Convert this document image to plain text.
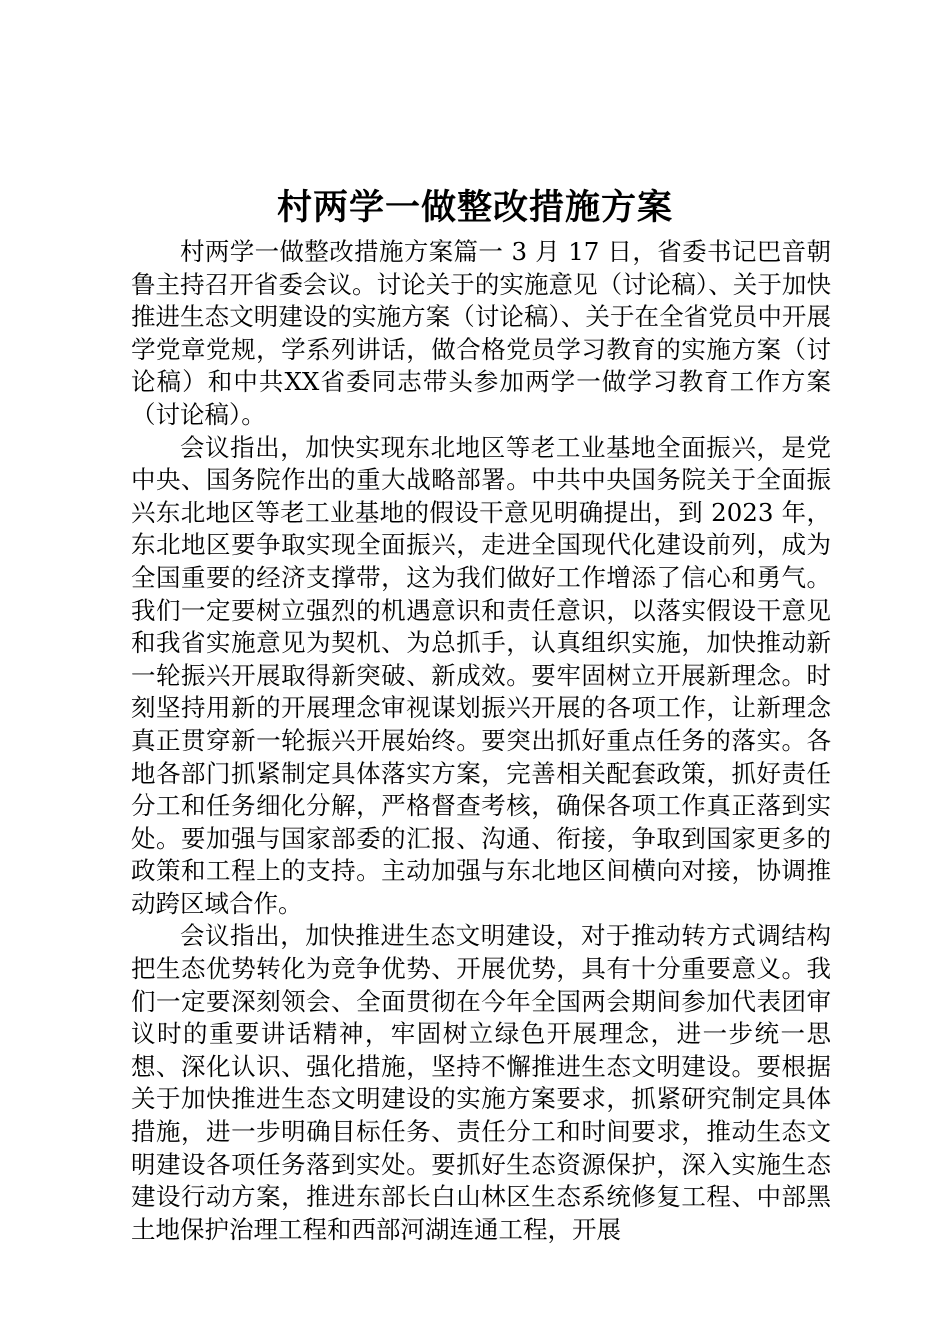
村两学一做整改措施方案

村两学一做整改措施方案篇一 3 月 17 日，省委书记巴音朝鲁主持召开省委会议。讨论关于的实施意见（讨论稿）、关于加快推进生态文明建设的实施方案（讨论稿）、关于在全省党员中开展学党章党规，学系列讲话，做合格党员学习教育的实施方案（讨论稿）和中共XX省委同志带头参加两学一做学习教育工作方案（讨论稿）。

会议指出，加快实现东北地区等老工业基地全面振兴，是党中央、国务院作出的重大战略部署。中共中央国务院关于全面振兴东北地区等老工业基地的假设干意见明确提出，到 2023 年，东北地区要争取实现全面振兴，走进全国现代化建设前列，成为全国重要的经济支撑带，这为我们做好工作增添了信心和勇气。我们一定要树立强烈的机遇意识和责任意识，以落实假设干意见和我省实施意见为契机、为总抓手，认真组织实施，加快推动新一轮振兴开展取得新突破、新成效。要牢固树立开展新理念。时刻坚持用新的开展理念审视谋划振兴开展的各项工作，让新理念真正贯穿新一轮振兴开展始终。要突出抓好重点任务的落实。各地各部门抓紧制定具体落实方案，完善相关配套政策，抓好责任分工和任务细化分解，严格督查考核，确保各项工作真正落到实处。要加强与国家部委的汇报、沟通、衔接，争取到国家更多的政策和工程上的支持。主动加强与东北地区间横向对接，协调推动跨区域合作。

会议指出，加快推进生态文明建设，对于推动转方式调结构把生态优势转化为竞争优势、开展优势，具有十分重要意义。我们一定要深刻领会、全面贯彻在今年全国两会期间参加代表团审议时的重要讲话精神，牢固树立绿色开展理念，进一步统一思想、深化认识、强化措施，坚持不懈推进生态文明建设。要根据关于加快推进生态文明建设的实施方案要求，抓紧研究制定具体措施，进一步明确目标任务、责任分工和时间要求，推动生态文明建设各项任务落到实处。要抓好生态资源保护，深入实施生态建设行动方案，推进东部长白山林区生态系统修复工程、中部黑土地保护治理工程和西部河湖连通工程，开展
